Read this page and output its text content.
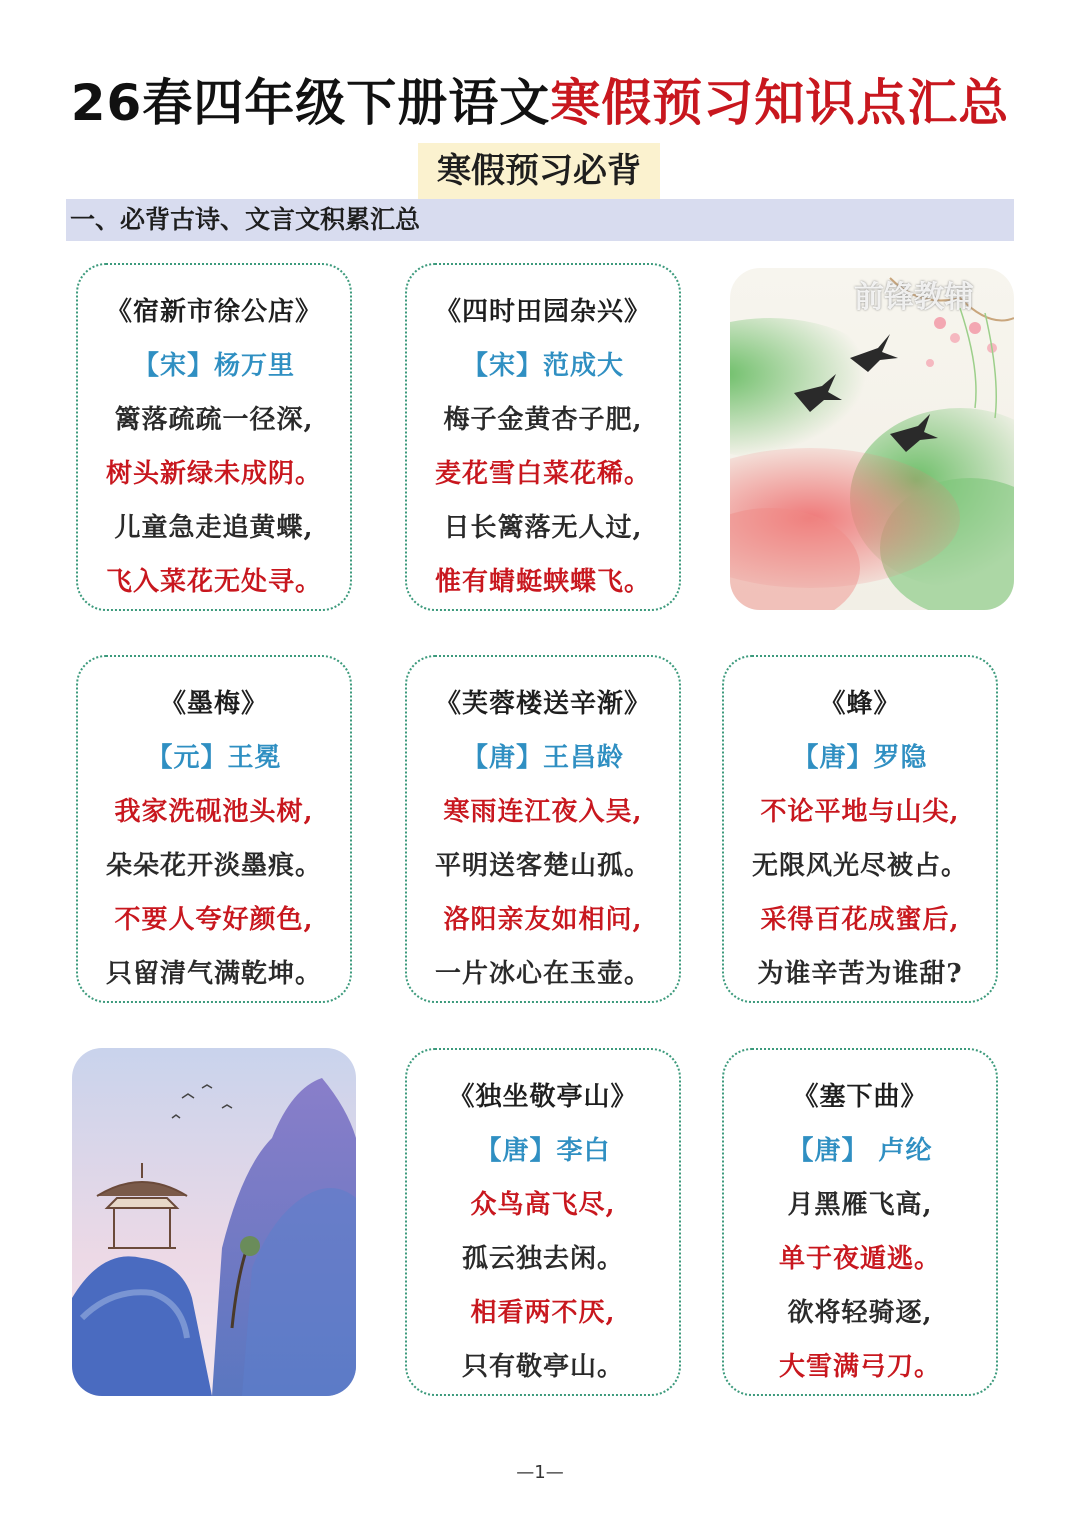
26春四年级下册语文寒假预习知识点汇总
寒假预习必背
一、必背古诗、文言文积累汇总
《宿新市徐公店》
【宋】杨万里
篱落疏疏一径深,
树头新绿未成阴。
儿童急走追黄蝶,
飞入菜花无处寻。
《四时田园杂兴》
【宋】范成大
梅子金黄杏子肥,
麦花雪白菜花稀。
日长篱落无人过,
惟有蜻蜓蛱蝶飞。
前锋教辅
《墨梅》
【元】王冕
我家洗砚池头树,
朵朵花开淡墨痕。
不要人夸好颜色,
只留清气满乾坤。
《芙蓉楼送辛渐》
【唐】王昌龄
寒雨连江夜入吴,
平明送客楚山孤。
洛阳亲友如相问,
一片冰心在玉壶。
《蜂》
【唐】罗隐
不论平地与山尖,
无限风光尽被占。
采得百花成蜜后,
为谁辛苦为谁甜?
《独坐敬亭山》
【唐】李白
众鸟高飞尽,
孤云独去闲。
相看两不厌,
只有敬亭山。
《塞下曲》
【唐】 卢纶
月黑雁飞高,
单于夜遁逃。
欲将轻骑逐,
大雪满弓刀。
—1—
